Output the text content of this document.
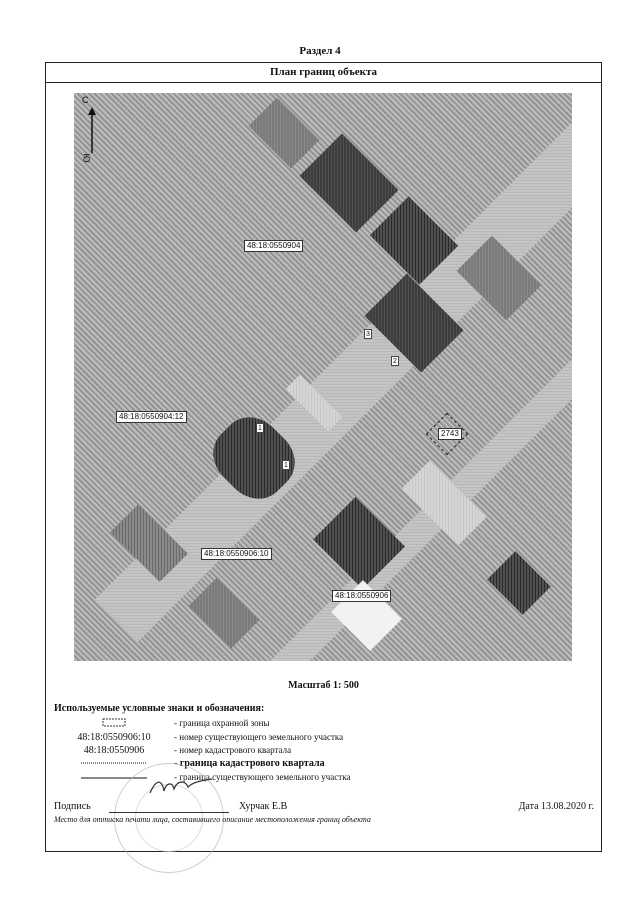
Раздел 4
План границ объекта
С
Ю
48:18:0550904
48:18:0550904:12
48:18:0550906:10
48:18:0550906
2743
3
2
1
1
Масштаб 1: 500
Используемые условные знаки и обозначения:
- граница охранной зоны
48:18:0550906:10	- номер существующего земельного участка
48:18:0550906	- номер кадастрового квартала
- граница кадастрового квартала
- граница существующего земельного участка
Подпись	Хурчак Е.В	Дата 13.08.2020 г.
Место для оттиска печати лица, составившего описание местоположения границ объекта
